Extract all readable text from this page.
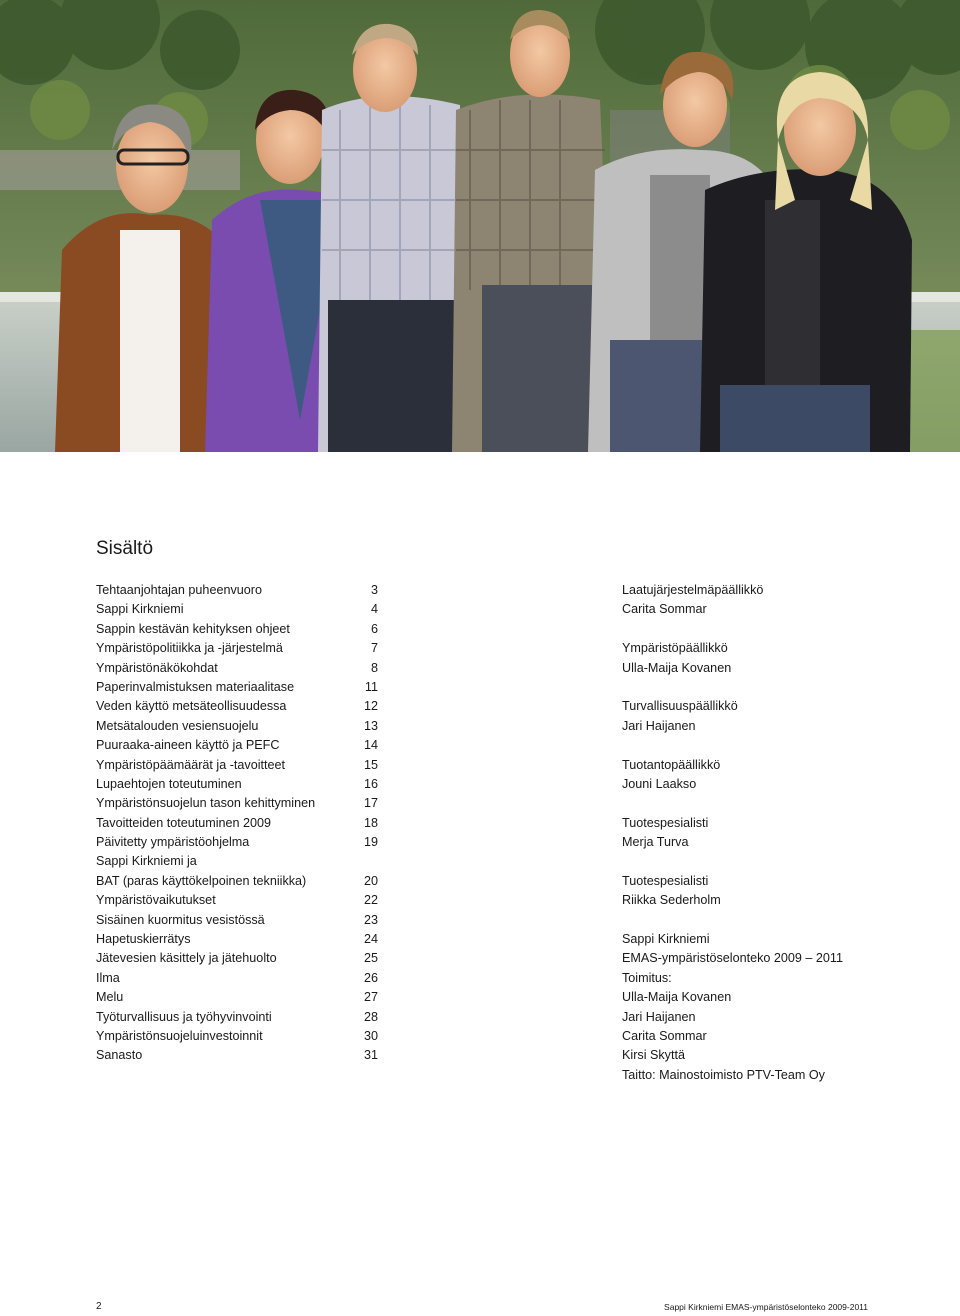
Sisältö
Tehtaanjohtajan puheenvuoro	3
Sappi Kirkniemi	4
Sappin kestävän kehityksen ohjeet	6
Ympäristöpolitiikka ja -järjestelmä	7
Ympäristönäkökohdat	8
Paperinvalmistuksen materiaalitase	11
Veden käyttö metsäteollisuudessa	12
Metsätalouden vesiensuojelu	13
Puuraaka-aineen käyttö ja PEFC	14
Ympäristöpäämäärät ja -tavoitteet	15
Lupaehtojen toteutuminen	16
Ympäristönsuojelun tason kehittyminen	17
Tavoitteiden toteutuminen 2009	18
Päivitetty ympäristöohjelma	19
Sappi Kirkniemi ja
BAT (paras käyttökelpoinen tekniikka)	20
Ympäristövaikutukset	22
Sisäinen kuormitus vesistössä	23
Hapetuskierrätys	24
Jätevesien käsittely ja jätehuolto	25
Ilma	26
Melu	27
Työturvallisuus ja työhyvinvointi	28
Ympäristönsuojeluinvestoinnit	30
Sanasto	31
Laatujärjestelmäpäällikkö
Carita Sommar
Ympäristöpäällikkö
Ulla-Maija Kovanen
Turvallisuuspäällikkö
Jari Haijanen
Tuotantopäällikkö
Jouni Laakso
Tuotespesialisti
Merja Turva
Tuotespesialisti
Riikka Sederholm
Sappi Kirkniemi
EMAS-ympäristöselonteko 2009 – 2011
Toimitus:
Ulla-Maija Kovanen
Jari Haijanen
Carita Sommar
Kirsi Skyttä
Taitto: Mainostoimisto PTV-Team Oy
2	Sappi Kirkniemi EMAS-ympäristöselonteko 2009-2011
